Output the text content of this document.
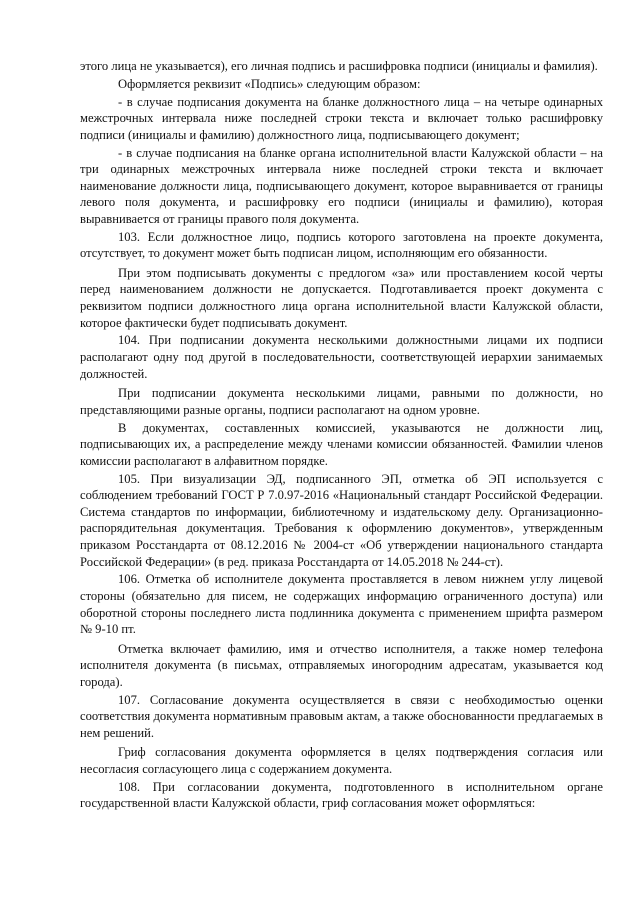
этого лица не указывается), его личная подпись и расшифровка подписи (инициалы и фамилия).

Оформляется реквизит «Подпись» следующим образом:

- в случае подписания документа на бланке должностного лица – на четыре одинарных межстрочных интервала ниже последней строки текста и включает только расшифровку подписи (инициалы и фамилию) должностного лица, подписывающего документ;

- в случае подписания на бланке органа исполнительной власти Калужской области – на три одинарных межстрочных интервала ниже последней строки текста и включает наименование должности лица, подписывающего документ, которое выравнивается от границы левого поля документа, и расшифровку его подписи (инициалы и фамилию), которая выравнивается от границы правого поля документа.

103. Если должностное лицо, подпись которого заготовлена на проекте документа, отсутствует, то документ может быть подписан лицом, исполняющим его обязанности.

При этом подписывать документы с предлогом «за» или проставлением косой черты перед наименованием должности не допускается. Подготавливается проект документа с реквизитом подписи должностного лица органа исполнительной власти Калужской области, которое фактически будет подписывать документ.

104. При подписании документа несколькими должностными лицами их подписи располагают одну под другой в последовательности, соответствующей иерархии занимаемых должностей.

При подписании документа несколькими лицами, равными по должности, но представляющими разные органы, подписи располагают на одном уровне.

В документах, составленных комиссией, указываются не должности лиц, подписывающих их, а распределение между членами комиссии обязанностей. Фамилии членов комиссии располагают в алфавитном порядке.

105. При визуализации ЭД, подписанного ЭП, отметка об ЭП используется с соблюдением требований ГОСТ Р 7.0.97-2016 «Национальный стандарт Российской Федерации. Система стандартов по информации, библиотечному и издательскому делу. Организационно-распорядительная документация. Требования к оформлению документов», утвержденным приказом Росстандарта от 08.12.2016 № 2004-ст «Об утверждении национального стандарта Российской Федерации» (в ред. приказа Росстандарта от 14.05.2018 № 244-ст).

106. Отметка об исполнителе документа проставляется в левом нижнем углу лицевой стороны (обязательно для писем, не содержащих информацию ограниченного доступа) или оборотной стороны последнего листа подлинника документа с применением шрифта размером № 9-10 пт.

Отметка включает фамилию, имя и отчество исполнителя, а также номер телефона исполнителя документа (в письмах, отправляемых иногородним адресатам, указывается код города).

107. Согласование документа осуществляется в связи с необходимостью оценки соответствия документа нормативным правовым актам, а также обоснованности предлагаемых в нем решений.

Гриф согласования документа оформляется в целях подтверждения согласия или несогласия согласующего лица с содержанием документа.

108. При согласовании документа, подготовленного в исполнительном органе государственной власти Калужской области, гриф согласования может оформляться:
